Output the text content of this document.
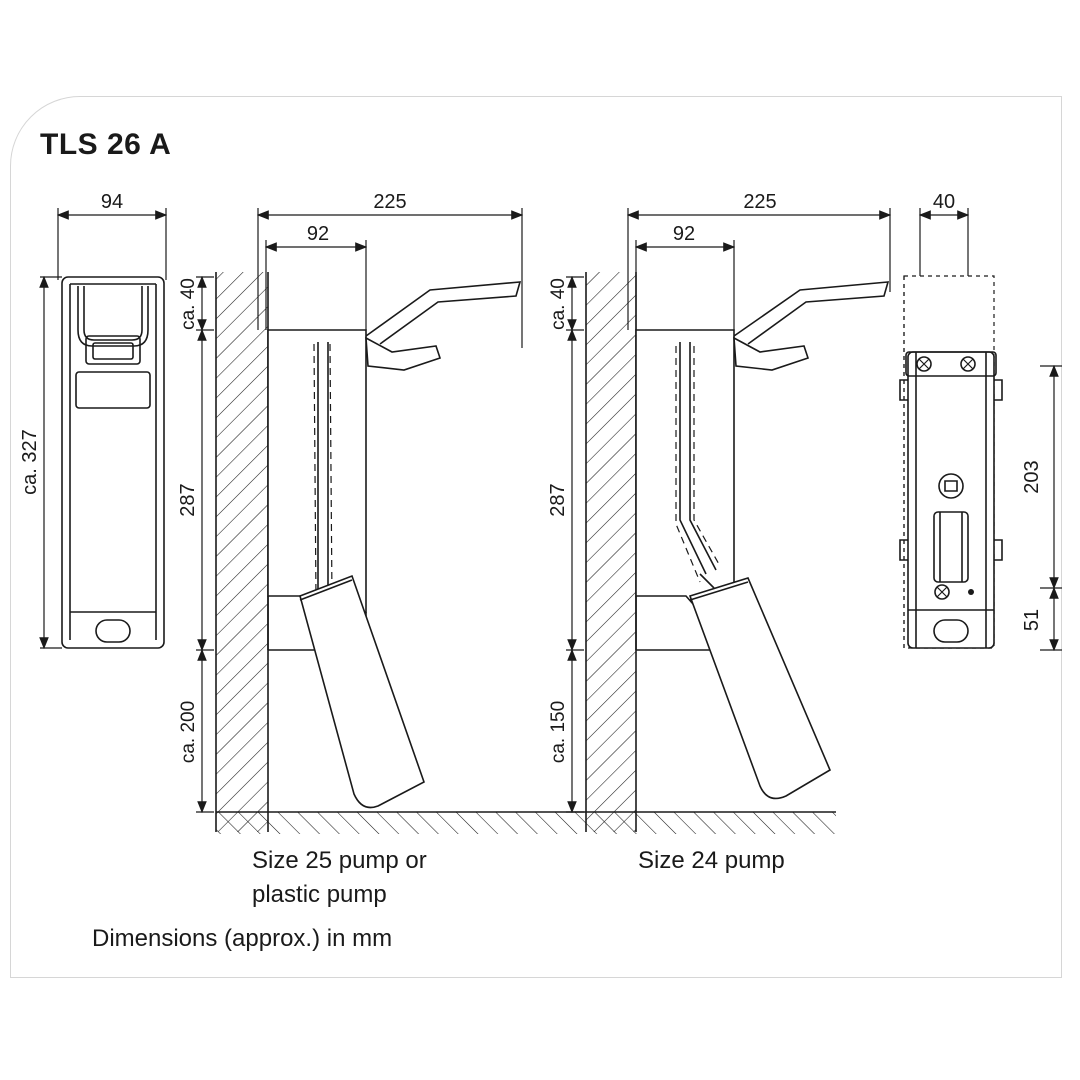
TLS 26 A
94
ca. 327
225
92
ca. 40
287
ca. 200
225
92
ca. 40
287
ca. 150
40
203
51
Size 25 pump or
plastic pump
Size 24 pump
Dimensions (approx.) in mm
